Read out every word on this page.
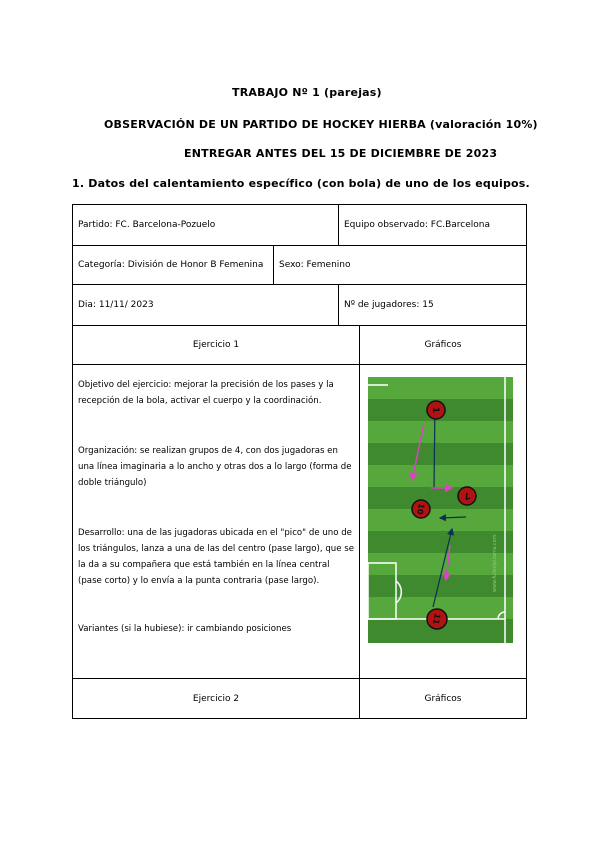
TRABAJO Nº 1 (parejas)
OBSERVACIÓN DE UN PARTIDO DE HOCKEY HIERBA (valoración 10%)
ENTREGAR ANTES DEL 15 DE DICIEMBRE DE 2023
1. Datos del calentamiento específico (con bola) de uno de los equipos.
Partido: FC. Barcelona-Pozuelo	Equipo observado: FC.Barcelona
Categoría: División de Honor B Femenina Sexo: Femenino
Dia: 11/11/ 2023	Nº de jugadores: 15
Ejercicio 1	Gráficos
Objetivo del ejercicio: mejorar la precisión de los pases y la recepción de la bola, activar el cuerpo y la coordinación.
Organización: se realizan grupos de 4, con dos jugadoras en una línea imaginaria a lo ancho y otras dos a lo largo (forma de doble triángulo)
Desarrollo: una de las jugadoras ubicada en el "pico" de uno de los triángulos, lanza a una de las del centro (pase largo), que se la da a su compañera que está también en la línea central (pase corto) y lo envía a la punta contraria (pase largo).
Variantes (si la hubiese): ir cambiando posiciones
Ejercicio 2	Gráficos
www.futbolpizarra.com
1
7
10
11
